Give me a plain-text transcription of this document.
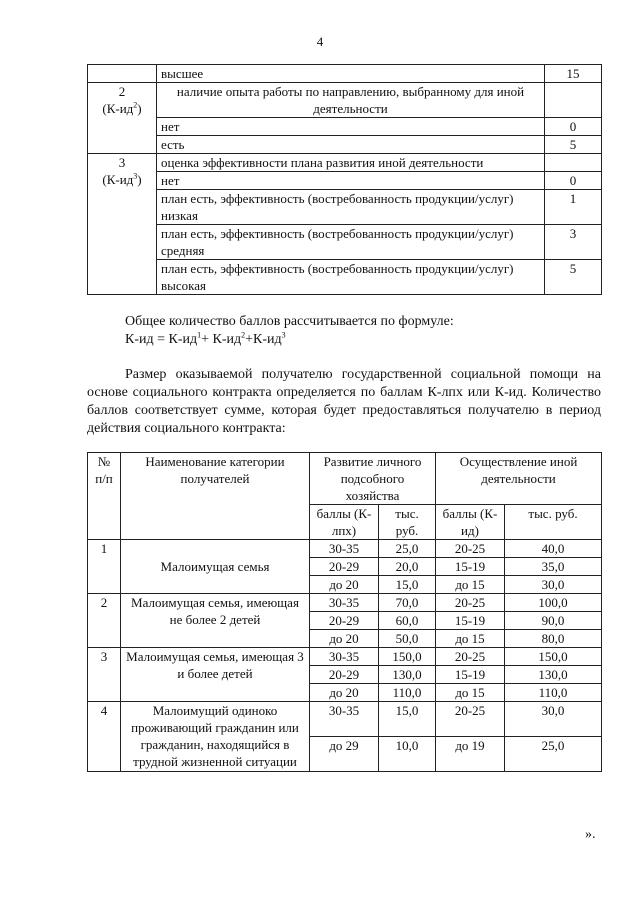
4
	высшее	15

2
$(К-ид^2)$	наличие опыта работы по направлению, выбранному для иной деятельности	
	нет	0
	есть	5

3
$(К-ид^3)$	оценка эффективности плана развития иной деятельности	
	нет	0
	план есть, эффективность (востребованность продукции/услуг) низкая	1
	план есть, эффективность (востребованность продукции/услуг) средняя	3
	план есть, эффективность (востребованность продукции/услуг) высокая	5
Общее количество баллов рассчитывается по формуле:
$К-ид = К-ид^1+ К-ид^2+К-ид^3$
Размер оказываемой получателю государственной социальной помощи на основе социального контракта определяется по баллам К-лпх или К-ид. Количество баллов соответствует сумме, которая будет предоставляться получателю в период действия социального контракта:
№ п/п	Наименование категории получателей	Развитие личного подсобного хозяйства		Осуществление иной деятельности	
		баллы (К-лпх)	тыс. руб.	баллы (К-ид)	тыс. руб.
1	Малоимущая семья	30-35	25,0	20-25	40,0
		20-29	20,0	15-19	35,0
		до 20	15,0	до 15	30,0
2	Малоимущая семья, имеющая не более 2 детей	30-35	70,0	20-25	100,0
		20-29	60,0	15-19	90,0
		до 20	50,0	до 15	80,0
3	Малоимущая семья, имеющая 3 и более детей	30-35	150,0	20-25	150,0
		20-29	130,0	15-19	130,0
		до 20	110,0	до 15	110,0
4	Малоимущий одиноко проживающий гражданин или гражданин, находящийся в трудной жизненной ситуации	30-35	15,0	20-25	30,0
		до 29	10,0	до 19	25,0
».
